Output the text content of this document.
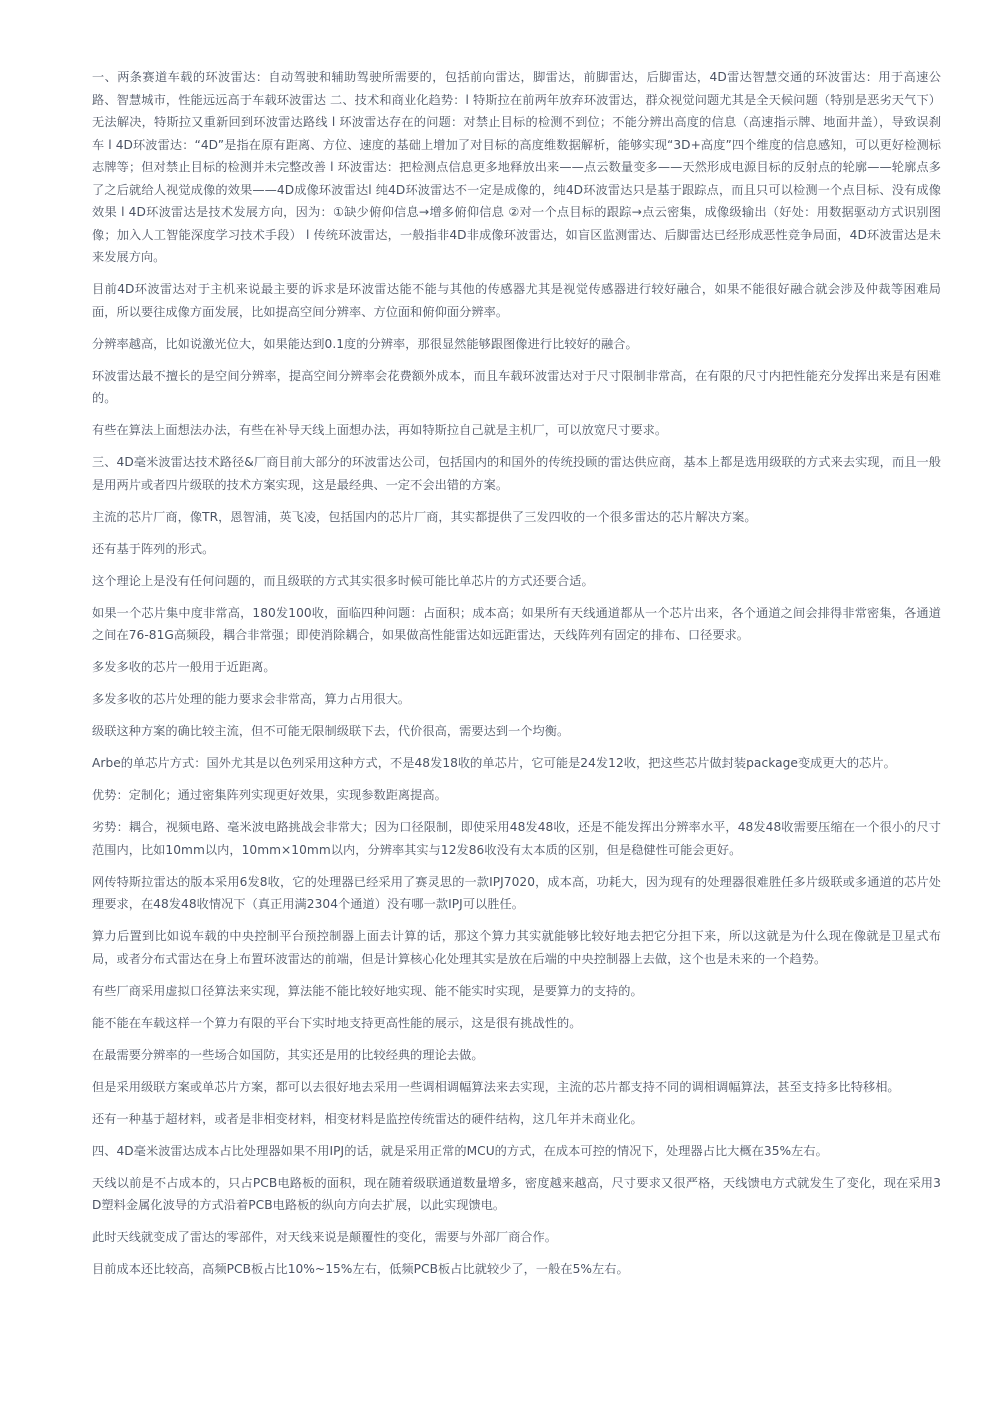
一、两条赛道车载的环波雷达：自动驾驶和辅助驾驶所需要的，包括前向雷达，脚雷达，前脚雷达，后脚雷达，4D雷达智慧交通的环波雷达：用于高速公路、智慧城市，性能远远高于车载环波雷达 二、技术和商业化趋势：l 特斯拉在前两年放弃环波雷达，群众视觉问题尤其是全天候问题（特别是恶劣天气下）无法解决，特斯拉又重新回到环波雷达路线 l 环波雷达存在的问题：对禁止目标的检测不到位；不能分辨出高度的信息（高速指示牌、地面井盖），导致误刹车 l 4D环波雷达：“4D”是指在原有距离、方位、速度的基础上增加了对目标的高度维数据解析，能够实现“3D+高度”四个维度的信息感知，可以更好检测标志牌等；但对禁止目标的检测并未完整改善 l 环波雷达：把检测点信息更多地释放出来——点云数量变多——天然形成电源目标的反射点的轮廓——轮廓点多了之后就给人视觉成像的效果——4D成像环波雷达l 纯4D环波雷达不一定是成像的，纯4D环波雷达只是基于跟踪点，而且只可以检测一个点目标、没有成像效果 l 4D环波雷达是技术发展方向，因为：①缺少俯仰信息→增多俯仰信息 ②对一个点目标的跟踪→点云密集，成像级输出（好处：用数据驱动方式识别图像；加入人工智能深度学习技术手段） l 传统环波雷达，一般指非4D非成像环波雷达，如盲区监测雷达、后脚雷达已经形成恶性竞争局面，4D环波雷达是未来发展方向。

目前4D环波雷达对于主机来说最主要的诉求是环波雷达能不能与其他的传感器尤其是视觉传感器进行较好融合，如果不能很好融合就会涉及仲裁等困难局面，所以要往成像方面发展，比如提高空间分辨率、方位面和俯仰面分辨率。

分辨率越高，比如说激光位大，如果能达到0.1度的分辨率，那很显然能够跟图像进行比较好的融合。

环波雷达最不擅长的是空间分辨率，提高空间分辨率会花费额外成本，而且车载环波雷达对于尺寸限制非常高，在有限的尺寸内把性能充分发挥出来是有困难的。

有些在算法上面想法办法，有些在补导天线上面想办法，再如特斯拉自己就是主机厂，可以放宽尺寸要求。

三、4D毫米波雷达技术路径&厂商目前大部分的环波雷达公司，包括国内的和国外的传统投顾的雷达供应商，基本上都是选用级联的方式来去实现，而且一般是用两片或者四片级联的技术方案实现，这是最经典、一定不会出错的方案。

主流的芯片厂商，像TR，恩智浦，英飞凌，包括国内的芯片厂商，其实都提供了三发四收的一个很多雷达的芯片解决方案。

还有基于阵列的形式。

这个理论上是没有任何问题的，而且级联的方式其实很多时候可能比单芯片的方式还要合适。

如果一个芯片集中度非常高，180发100收，面临四种问题：占面积；成本高；如果所有天线通道都从一个芯片出来，各个通道之间会排得非常密集，各通道之间在76-81G高频段，耦合非常强；即使消除耦合，如果做高性能雷达如远距雷达，天线阵列有固定的排布、口径要求。

多发多收的芯片一般用于近距离。

多发多收的芯片处理的能力要求会非常高，算力占用很大。

级联这种方案的确比较主流，但不可能无限制级联下去，代价很高，需要达到一个均衡。

Arbe的单芯片方式：国外尤其是以色列采用这种方式，不是48发18收的单芯片，它可能是24发12收，把这些芯片做封装package变成更大的芯片。

优势：定制化；通过密集阵列实现更好效果，实现参数距离提高。

劣势：耦合，视频电路、毫米波电路挑战会非常大；因为口径限制，即使采用48发48收，还是不能发挥出分辨率水平，48发48收需要压缩在一个很小的尺寸范围内，比如10mm以内，10mm×10mm以内，分辨率其实与12发86收没有太本质的区别，但是稳健性可能会更好。

网传特斯拉雷达的版本采用6发8收，它的处理器已经采用了赛灵思的一款IPJ7020，成本高，功耗大，因为现有的处理器很难胜任多片级联或多通道的芯片处理要求，在48发48收情况下（真正用满2304个通道）没有哪一款IPJ可以胜任。

算力后置到比如说车载的中央控制平台预控制器上面去计算的话，那这个算力其实就能够比较好地去把它分担下来，所以这就是为什么现在像就是卫星式布局，或者分布式雷达在身上布置环波雷达的前端，但是计算核心化处理其实是放在后端的中央控制器上去做，这个也是未来的一个趋势。

有些厂商采用虚拟口径算法来实现，算法能不能比较好地实现、能不能实时实现，是要算力的支持的。

能不能在车载这样一个算力有限的平台下实时地支持更高性能的展示，这是很有挑战性的。

在最需要分辨率的一些场合如国防，其实还是用的比较经典的理论去做。

但是采用级联方案或单芯片方案，都可以去很好地去采用一些调相调幅算法来去实现，主流的芯片都支持不同的调相调幅算法，甚至支持多比特移相。

还有一种基于超材料，或者是非相变材料，相变材料是监控传统雷达的硬件结构，这几年并未商业化。

四、4D毫米波雷达成本占比处理器如果不用IPJ的话，就是采用正常的MCU的方式，在成本可控的情况下，处理器占比大概在35%左右。

天线以前是不占成本的，只占PCB电路板的面积，现在随着级联通道数量增多，密度越来越高，尺寸要求又很严格，天线馈电方式就发生了变化，现在采用3D塑料金属化波导的方式沿着PCB电路板的纵向方向去扩展，以此实现馈电。

此时天线就变成了雷达的零部件，对天线来说是颠覆性的变化，需要与外部厂商合作。

目前成本还比较高，高频PCB板占比10%~15%左右，低频PCB板占比就较少了，一般在5%左右。
